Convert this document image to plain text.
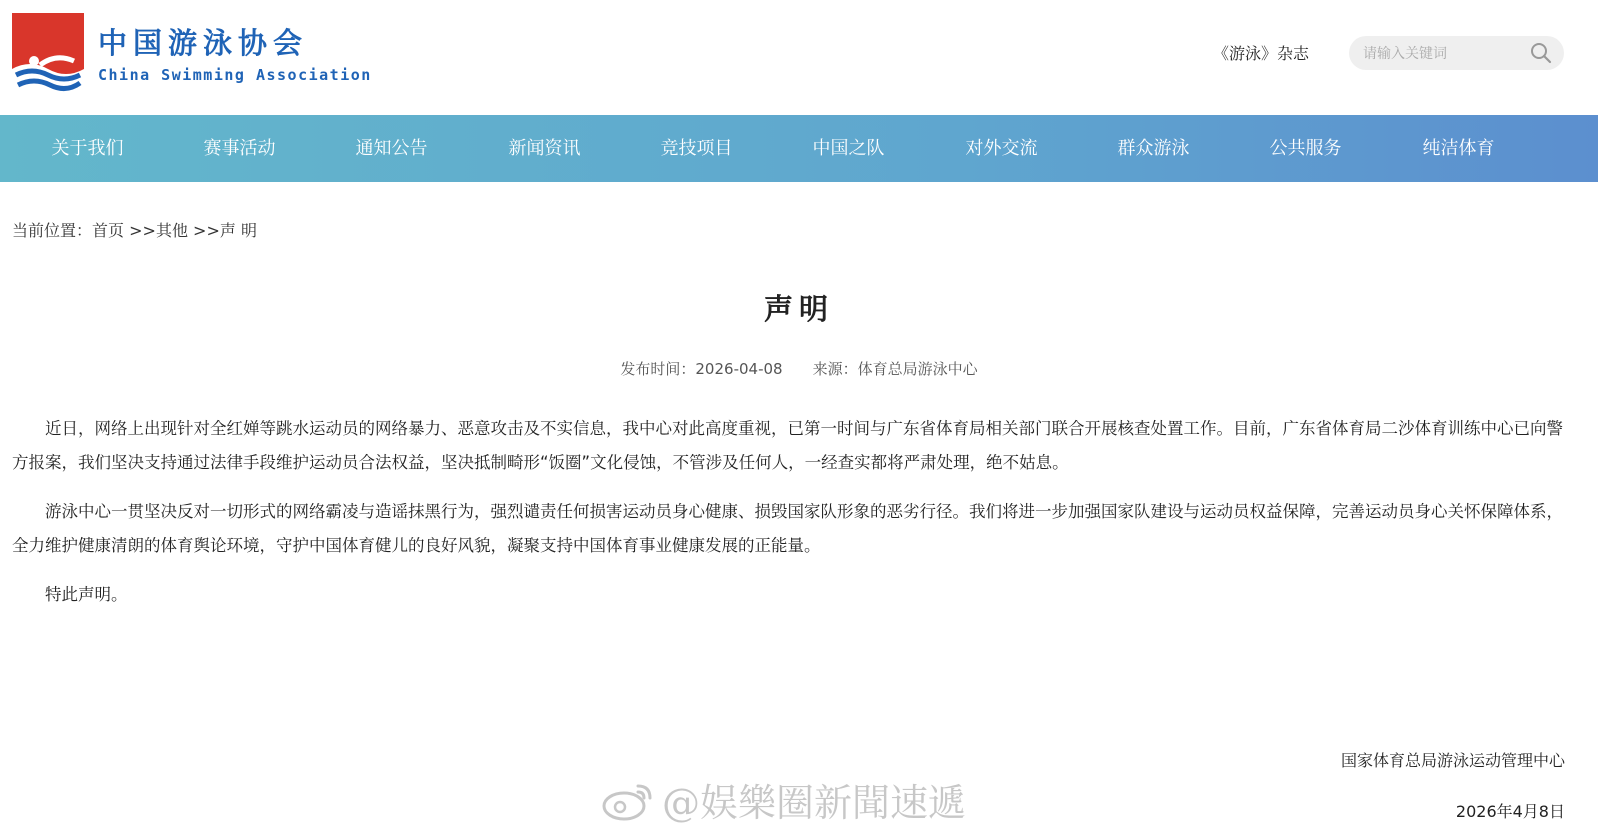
中国游泳协会
China Swimming Association
《游泳》杂志
请输入关键词
关于我们	赛事活动	通知公告	新闻资讯	竞技项目	中国之队	对外交流	群众游泳	公共服务	纯洁体育
当前位置：首页 >>其他 >>声 明
声明
发布时间：2026-04-08 来源：体育总局游泳中心

近日，网络上出现针对全红婵等跳水运动员的网络暴力、恶意攻击及不实信息，我中心对此高度重视，已第一时间与广东省体育局相关部门联合开展核查处置工作。目前，广东省体育局二沙体育训练中心已向警方报案，我们坚决支持通过法律手段维护运动员合法权益，坚决抵制畸形“饭圈”文化侵蚀，不管涉及任何人，一经查实都将严肃处理，绝不姑息。

游泳中心一贯坚决反对一切形式的网络霸凌与造谣抹黑行为，强烈谴责任何损害运动员身心健康、损毁国家队形象的恶劣行径。我们将进一步加强国家队建设与运动员权益保障，完善运动员身心关怀保障体系，全力维护健康清朗的体育舆论环境，守护中国体育健儿的良好风貌，凝聚支持中国体育事业健康发展的正能量。

特此声明。

国家体育总局游泳运动管理中心
2026年4月8日
@娱樂圈新聞速遞
